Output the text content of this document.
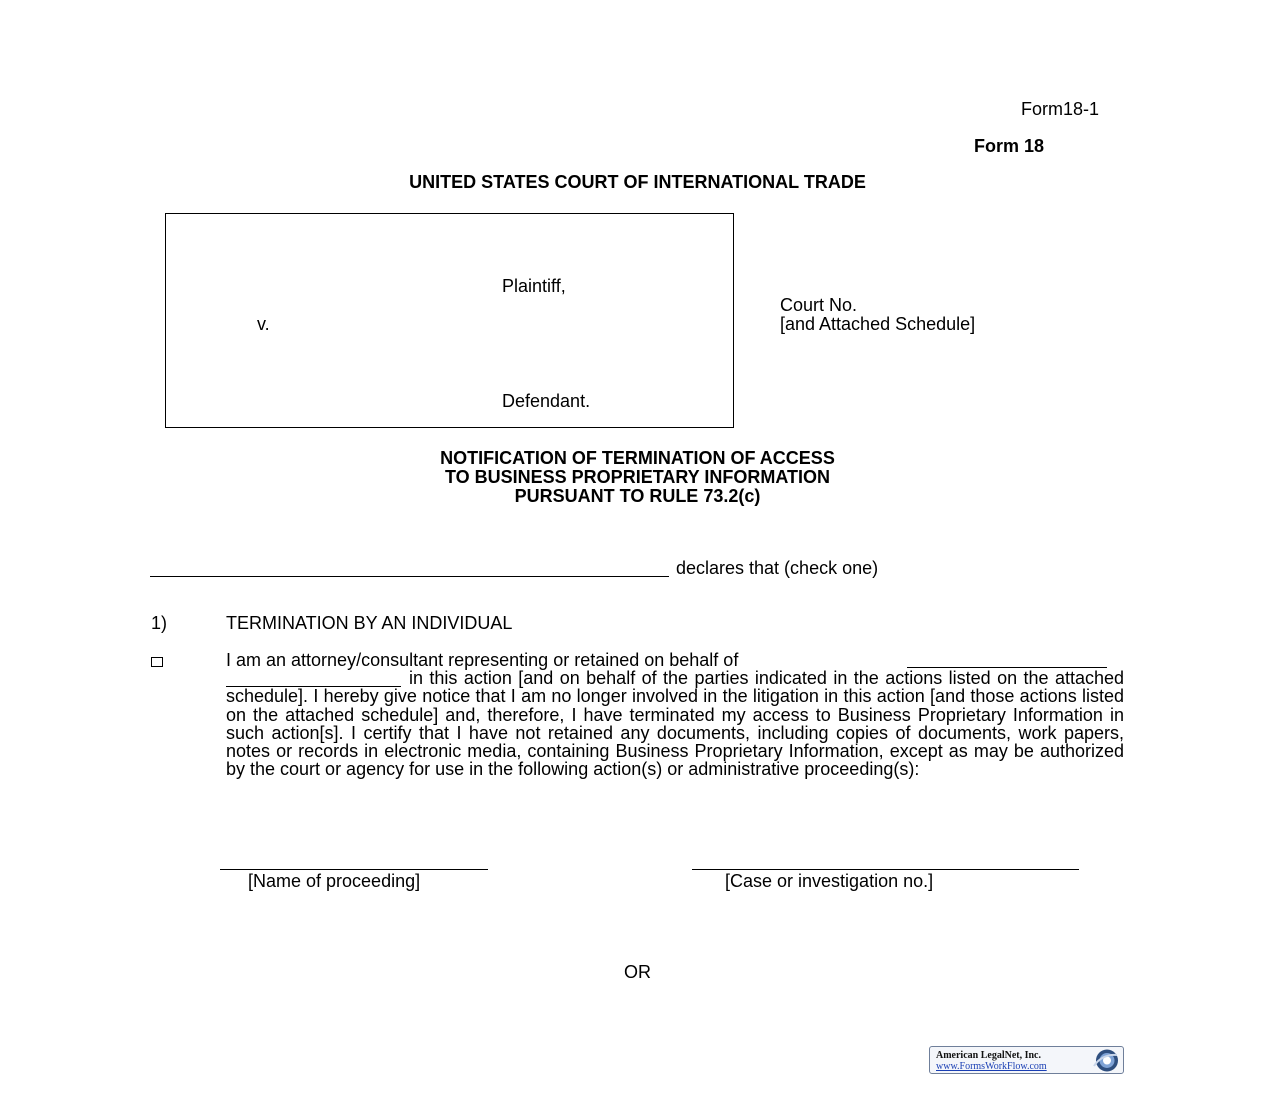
Form18-1
Form 18
UNITED STATES COURT OF INTERNATIONAL TRADE
Plaintiff,
v.
Defendant.
Court No.
[and Attached Schedule]
NOTIFICATION OF TERMINATION OF ACCESS
TO BUSINESS PROPRIETARY INFORMATION
PURSUANT TO RULE 73.2(c)
declares that (check one)
1)	TERMINATION BY AN INDIVIDUAL
I am an attorney/consultant representing or retained on behalf of
in this action [and on behalf of the parties indicated in the actions listed on the attached schedule]. I hereby give notice that I am no longer involved in the litigation in this action [and those actions listed on the attached schedule] and, therefore, I have terminated my access to Business Proprietary Information in such action[s]. I certify that I have not retained any documents, including copies of documents, work papers, notes or records in electronic media, containing Business Proprietary Information, except as may be authorized by the court or agency for use in the following action(s) or administrative proceeding(s):
[Name of proceeding]	[Case or investigation no.]
OR
American LegalNet, Inc.
www.FormsWorkFlow.com
